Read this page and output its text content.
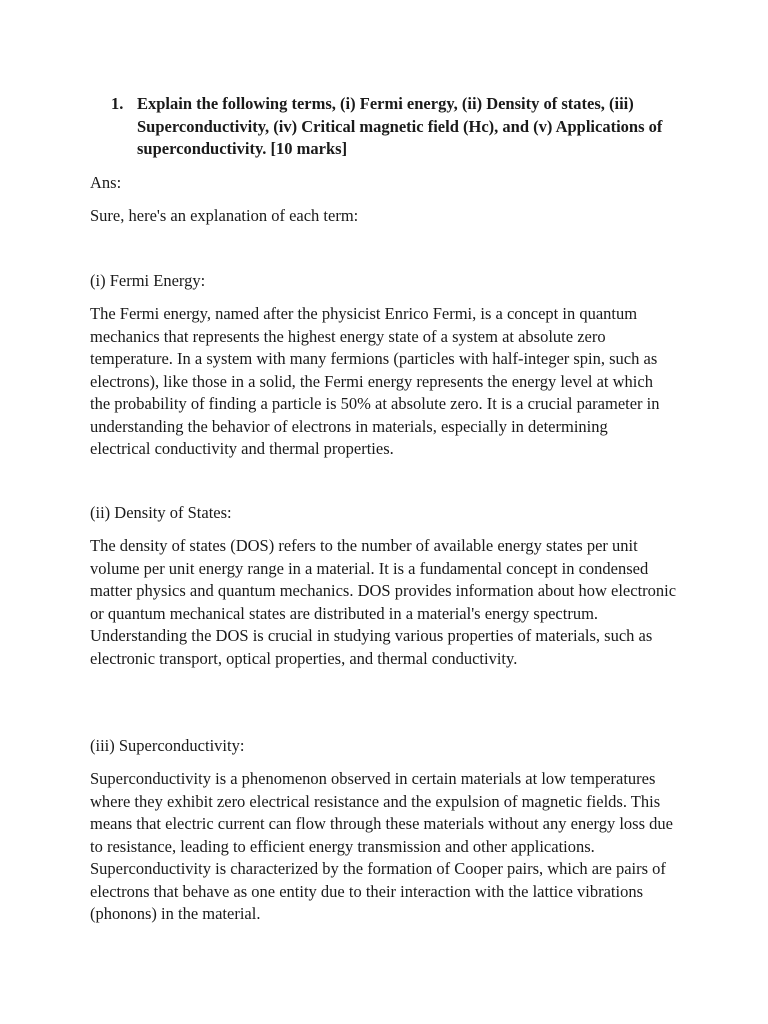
1. Explain the following terms, (i) Fermi energy, (ii) Density of states, (iii) Superconductivity, (iv) Critical magnetic field (Hc), and (v) Applications of superconductivity. [10 marks]
Ans:
Sure, here's an explanation of each term:
(i) Fermi Energy:

The Fermi energy, named after the physicist Enrico Fermi, is a concept in quantum mechanics that represents the highest energy state of a system at absolute zero temperature. In a system with many fermions (particles with half-integer spin, such as electrons), like those in a solid, the Fermi energy represents the energy level at which the probability of finding a particle is 50% at absolute zero. It is a crucial parameter in understanding the behavior of electrons in materials, especially in determining electrical conductivity and thermal properties.

(ii) Density of States:

The density of states (DOS) refers to the number of available energy states per unit volume per unit energy range in a material. It is a fundamental concept in condensed matter physics and quantum mechanics. DOS provides information about how electronic or quantum mechanical states are distributed in a material's energy spectrum. Understanding the DOS is crucial in studying various properties of materials, such as electronic transport, optical properties, and thermal conductivity.

(iii) Superconductivity:

Superconductivity is a phenomenon observed in certain materials at low temperatures where they exhibit zero electrical resistance and the expulsion of magnetic fields. This means that electric current can flow through these materials without any energy loss due to resistance, leading to efficient energy transmission and other applications. Superconductivity is characterized by the formation of Cooper pairs, which are pairs of electrons that behave as one entity due to their interaction with the lattice vibrations (phonons) in the material.
